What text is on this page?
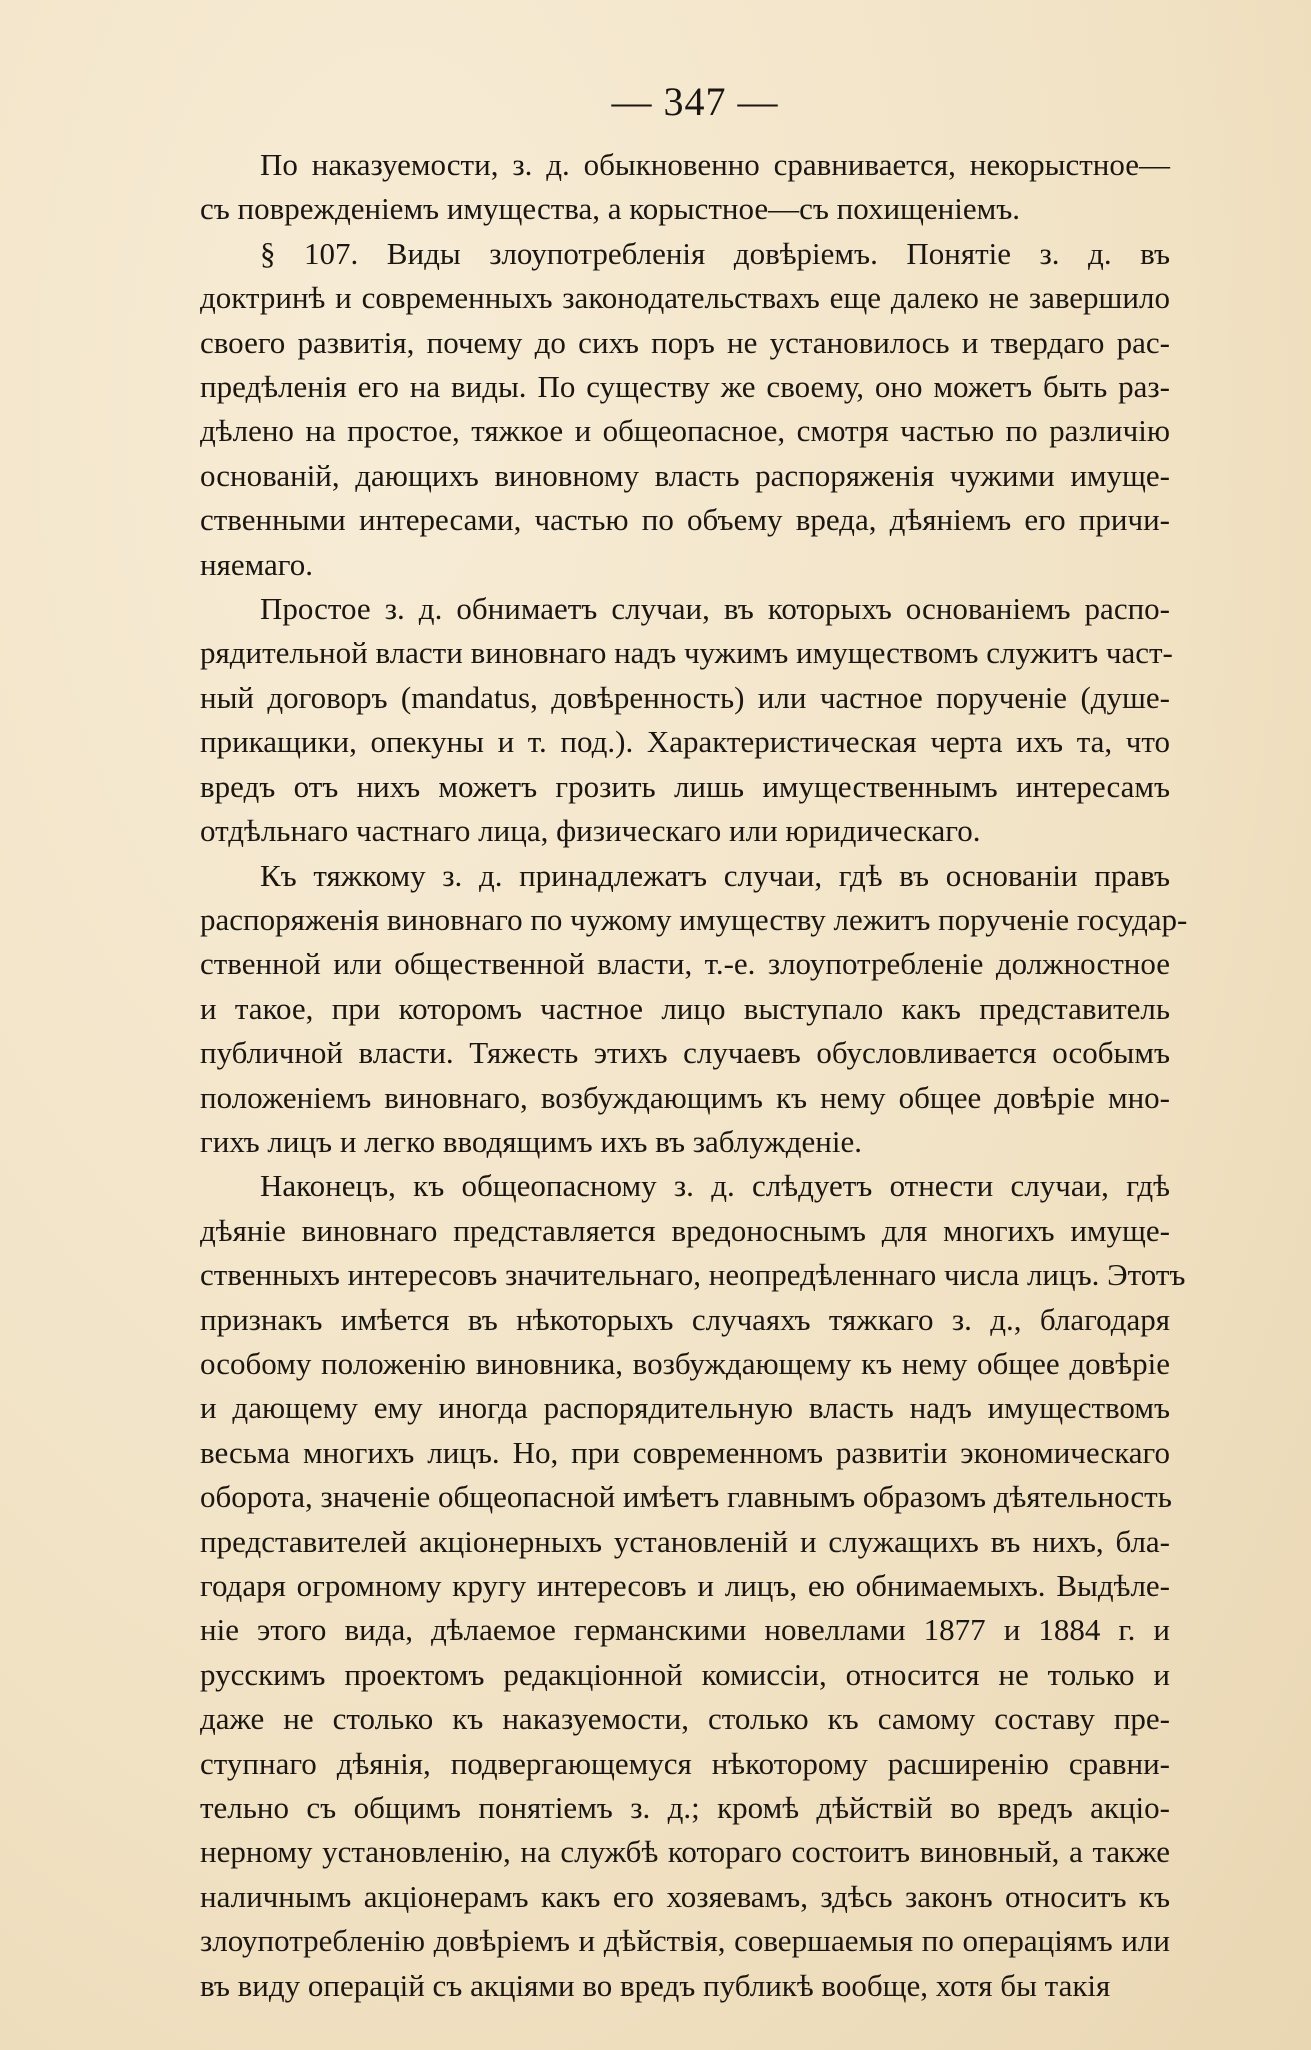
— 347 —

По наказуемости, з. д. обыкновенно сравнивается, некорыстное—
съ поврежденіемъ имущества, а корыстное—съ похищеніемъ.

§ 107. Виды злоупотребленія довѣріемъ. Понятіе з. д. въ
доктринѣ и современныхъ законодательствахъ еще далеко не завершило
своего развитія, почему до сихъ поръ не установилось и твердаго рас-
предѣленія его на виды. По существу же своему, оно можетъ быть раз-
дѣлено на простое, тяжкое и общеопасное, смотря частью по различію
основаній, дающихъ виновному власть распоряженія чужими имуще-
ственными интересами, частью по объему вреда, дѣяніемъ его причи-
няемаго.

Простое з. д. обнимаетъ случаи, въ которыхъ основаніемъ распо-
рядительной власти виновнаго надъ чужимъ имуществомъ служитъ част-
ный договоръ (mandatus, довѣренность) или частное порученіе (душе-
прикащики, опекуны и т. под.). Характеристическая черта ихъ та, что
вредъ отъ нихъ можетъ грозить лишь имущественнымъ интересамъ
отдѣльнаго частнаго лица, физическаго или юридическаго.

Къ тяжкому з. д. принадлежатъ случаи, гдѣ въ основаніи правъ
распоряженія виновнаго по чужому имуществу лежитъ порученіе государ-
ственной или общественной власти, т.-е. злоупотребленіе должностное
и такое, при которомъ частное лицо выступало какъ представитель
публичной власти. Тяжесть этихъ случаевъ обусловливается особымъ
положеніемъ виновнаго, возбуждающимъ къ нему общее довѣріе мно-
гихъ лицъ и легко вводящимъ ихъ въ заблужденіе.

Наконецъ, къ общеопасному з. д. слѣдуетъ отнести случаи, гдѣ
дѣяніе виновнаго представляется вредоноснымъ для многихъ имуще-
ственныхъ интересовъ значительнаго, неопредѣленнаго числа лицъ. Этотъ
признакъ имѣется въ нѣкоторыхъ случаяхъ тяжкаго з. д., благодаря
особому положенію виновника, возбуждающему къ нему общее довѣріе
и дающему ему иногда распорядительную власть надъ имуществомъ
весьма многихъ лицъ. Но, при современномъ развитіи экономическаго
оборота, значеніе общеопасной имѣетъ главнымъ образомъ дѣятельность
представителей акціонерныхъ установленій и служащихъ въ нихъ, бла-
годаря огромному кругу интересовъ и лицъ, ею обнимаемыхъ. Выдѣле-
ніе этого вида, дѣлаемое германскими новеллами 1877 и 1884 г. и
русскимъ проектомъ редакціонной комиссіи, относится не только и
даже не столько къ наказуемости, столько къ самому составу пре-
ступнаго дѣянія, подвергающемуся нѣкоторому расширенію сравни-
тельно съ общимъ понятіемъ з. д.; кромѣ дѣйствій во вредъ акціо-
нерному установленію, на службѣ котораго состоитъ виновный, а также
наличнымъ акціонерамъ какъ его хозяевамъ, здѣсь законъ относитъ къ
злоупотребленію довѣріемъ и дѣйствія, совершаемыя по операціямъ или
въ виду операцій съ акціями во вредъ публикѣ вообще, хотя бы такія
